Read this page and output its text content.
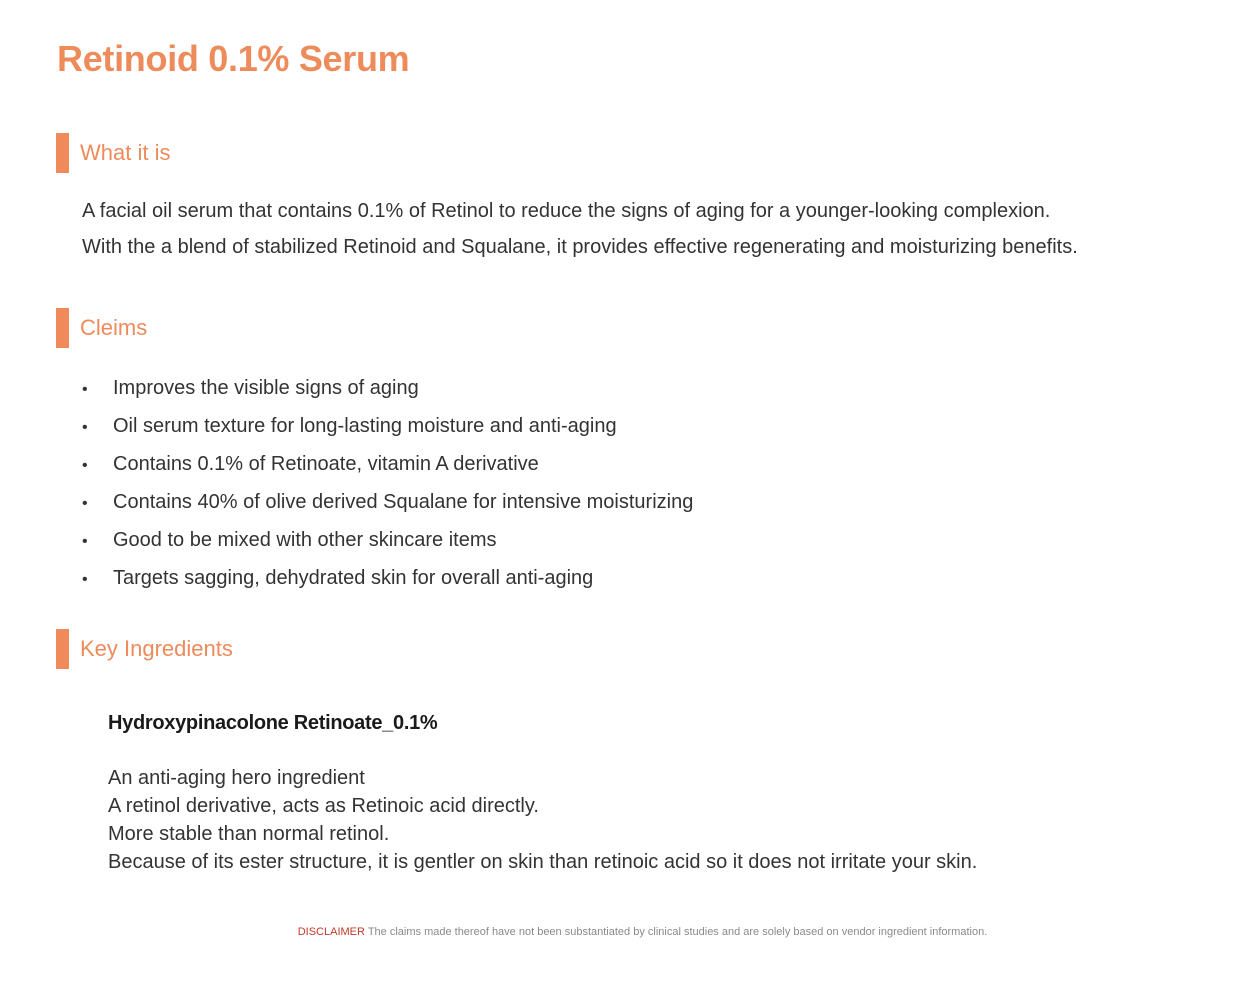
Retinoid 0.1% Serum
What it is

A facial oil serum that contains 0.1% of Retinol to reduce the signs of aging for a younger-looking complexion.

With the a blend of stabilized Retinoid and Squalane, it provides effective regenerating and moisturizing benefits.

Cleims
•	Improves the visible signs of aging
•	Oil serum texture for long-lasting moisture and anti-aging
•	Contains 0.1% of Retinoate, vitamin A derivative
•	Contains 40% of olive derived Squalane for intensive moisturizing
•	Good to be mixed with other skincare items
•	Targets sagging, dehydrated skin for overall anti-aging
Key Ingredients

Hydroxypinacolone Retinoate_0.1%

An anti-aging hero ingredient
A retinol derivative, acts as Retinoic acid directly.
More stable than normal retinol.
Because of its ester structure, it is gentler on skin than retinoic acid so it does not irritate your skin.
DISCLAIMER The claims made thereof have not been substantiated by clinical studies and are solely based on vendor ingredient information.
